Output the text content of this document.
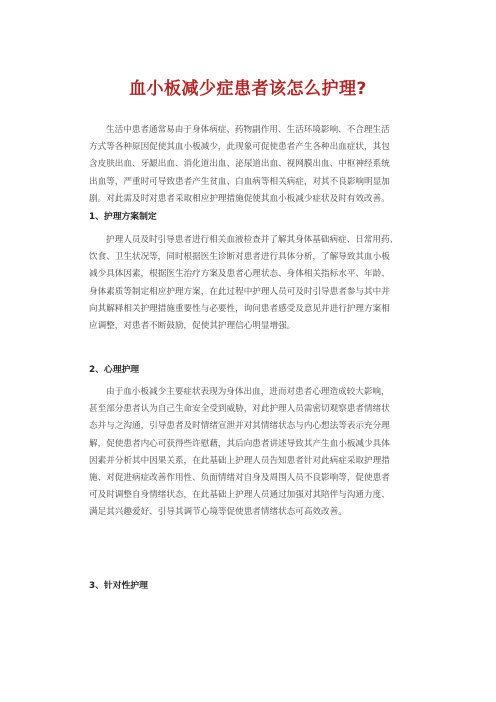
血小板减少症患者该怎么护理?
生活中患者通常易由于身体病症、药物副作用、生活环境影响、不合理生活
方式等各种原因促使其血小板减少，此现象可促使患者产生各种出血症状，其包
含皮肤出血、牙龈出血、消化道出血、泌尿道出血、视网膜出血、中枢神经系统
出血等，严重时可导致患者产生贫血、白血病等相关病症，对其不良影响明显加
剧。对此需及时对患者采取相应护理措施促使其血小板减少症状及时有效改善。
1、护理方案制定
护理人员及时引导患者进行相关血液检查并了解其身体基础病症、日常用药、
饮食、卫生状况等，同时根据医生诊断对患者进行具体分析，了解导致其血小板
减少具体因素，根据医生治疗方案及患者心理状态、身体相关指标水平、年龄、
身体素质等制定相应护理方案，在此过程中护理人员可及时引导患者参与其中并
向其解释相关护理措施重要性与必要性，询问患者感受及意见并进行护理方案相
应调整，对患者不断鼓励，促使其护理信心明显增强。
2、心理护理
由于血小板减少主要症状表现为身体出血，进而对患者心理造成较大影响，
甚至部分患者认为自己生命安全受到威胁，对此护理人员需密切观察患者情绪状
态并与之沟通，引导患者及时情绪宣泄并对其情绪状态与内心想法等表示充分理
解，促使患者内心可获得些许慰藉，其后向患者讲述导致其产生血小板减少具体
因素并分析其中因果关系，在此基础上护理人员告知患者针对此病症采取护理措
施、对促进病症改善作用性、负面情绪对自身及周围人员不良影响等，促使患者
可及时调整自身情绪状态，在此基础上护理人员通过加强对其陪伴与沟通力度、
满足其兴趣爱好、引导其调节心境等促使患者情绪状态可高效改善。
3、针对性护理
